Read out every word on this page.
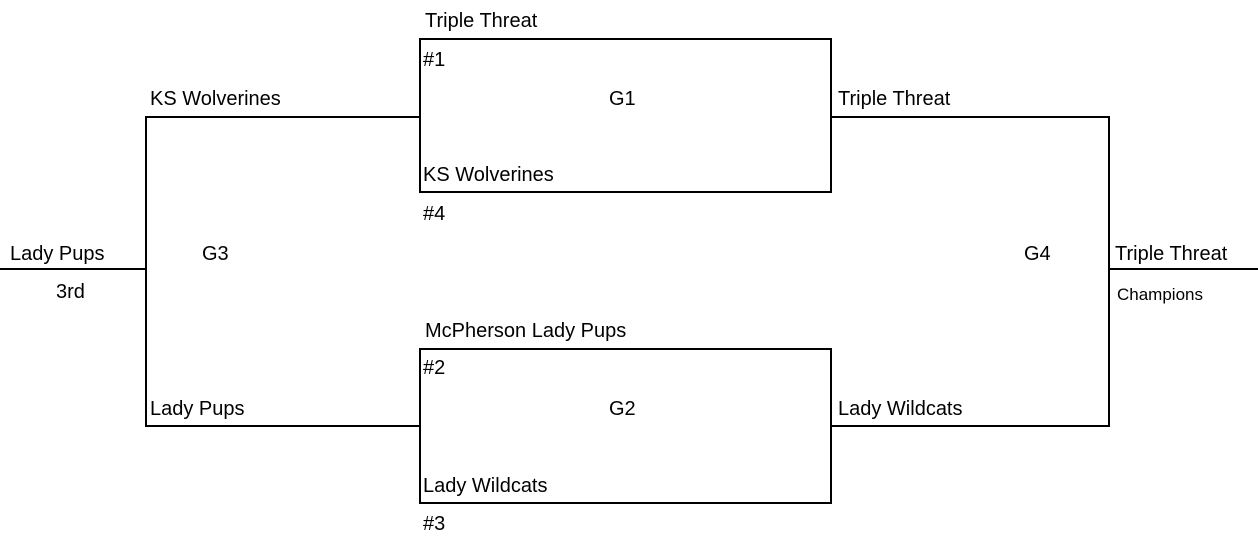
Triple Threat
#1
G1
KS Wolverines
#4
McPherson Lady Pups
#2
G2
Lady Wildcats
#3
KS Wolverines
Lady Pups
G3
Lady Pups
3rd
Triple Threat
Lady Wildcats
G4	Triple Threat
Champions
